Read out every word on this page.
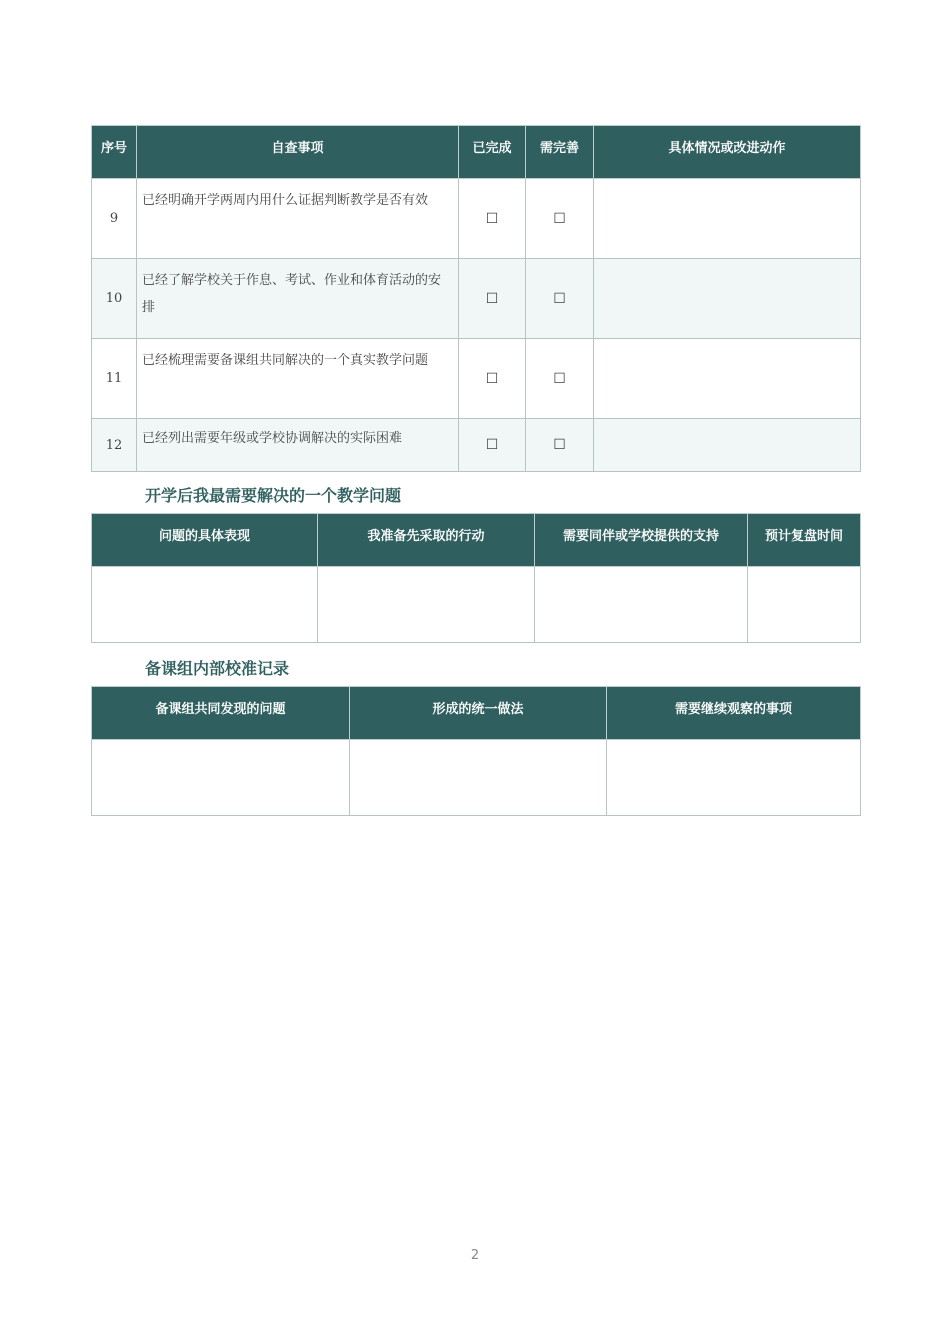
序号	自查事项	已完成	需完善	具体情况或改进动作

9	已经明确开学两周内用什么证据判断教学是否有效	☐	☐	
10	已经了解学校关于作息、考试、作业和体育活动的安排	☐	☐	
11	已经梳理需要备课组共同解决的一个真实教学问题	☐	☐	
12	已经列出需要年级或学校协调解决的实际困难	☐	☐	
开学后我最需要解决的一个教学问题
问题的具体表现	我准备先采取的行动	需要同伴或学校提供的支持	预计复盘时间

备课组内部校准记录
备课组共同发现的问题	形成的统一做法	需要继续观察的事项

2
